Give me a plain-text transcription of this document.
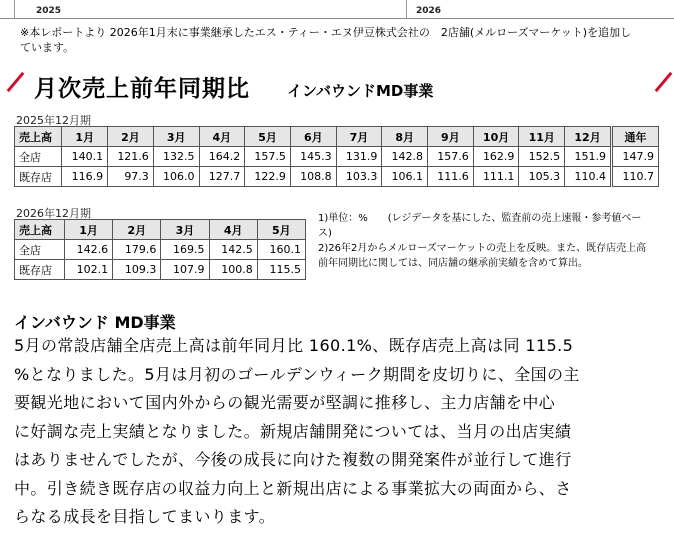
2025	2026
※本レポートより 2026年1月末に事業継承したエス・ティー・エヌ伊豆株式会社の　2店舗(メルローズマーケット)を追加しています。
月次売上前年同期比 インバウンドMD事業
2025年12月期
売上高	1月	2月	3月	4月	5月	6月	7月	8月	9月	10月	11月	12月	通年
全店	140.1	121.6	132.5	164.2	157.5	145.3	131.9	142.8	157.6	162.9	152.5	151.9	147.9
既存店	116.9	97.3	106.0	127.7	122.9	108.8	103.3	106.1	111.6	111.1	105.3	110.4	110.7
2026年12月期
売上高	1月	2月	3月	4月	5月
全店	142.6	179.6	169.5	142.5	160.1
既存店	102.1	109.3	107.9	100.8	115.5

1)単位：%　　(レジデータを基にした、監査前の売上速報・参考値ベース)

2)26年2月からメルローズマーケットの売上を反映。また、既存店売上高前年同期比に関しては、同店舗の継承前実績を含めて算出。

インバウンド MD事業
5月の常設店舗全店売上高は前年同月比 160.1%、既存店売上高は同 115.5
%となりました。5月は月初のゴールデンウィーク期間を皮切りに、全国の主
要観光地において国内外からの観光需要が堅調に推移し、主力店舗を中心
に好調な売上実績となりました。新規店舗開発については、当月の出店実績
はありませんでしたが、今後の成長に向けた複数の開発案件が並行して進行
中。引き続き既存店の収益力向上と新規出店による事業拡大の両面から、さ
らなる成長を目指してまいります。
